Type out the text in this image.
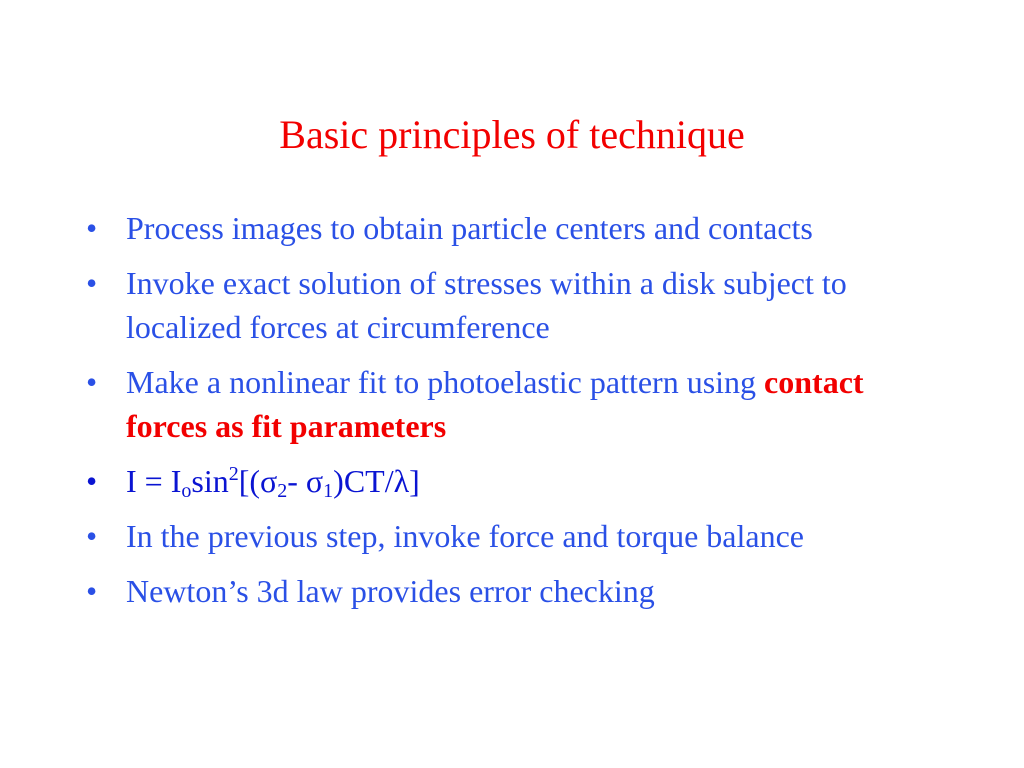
Basic principles of technique
• Process images to obtain particle centers and contacts
• Invoke exact solution of stresses within a disk subject to localized forces at circumference
• Make a nonlinear fit to photoelastic pattern using contact forces as fit parameters
• $I = I_o\sin^2[(\sigma_2-$ $\sigma_1)CT/\lambda$]
• In the previous step, invoke force and torque balance
• Newton’s 3d law provides error checking
